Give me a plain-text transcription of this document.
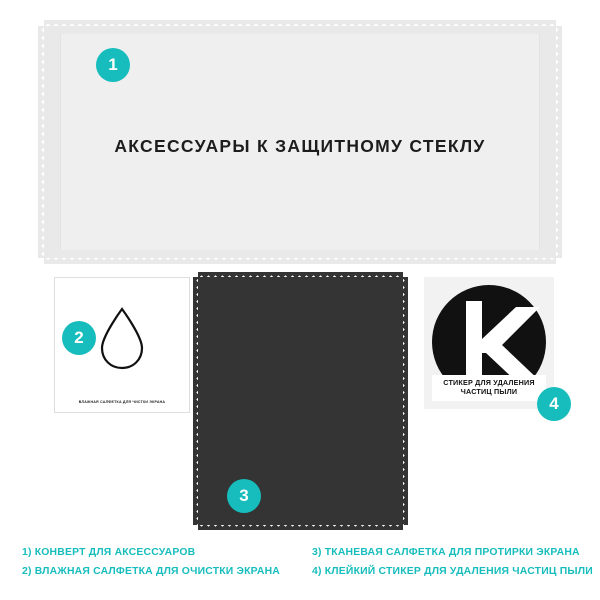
АКСЕССУАРЫ К ЗАЩИТНОМУ СТЕКЛУ
1
ВЛАЖНАЯ САЛФЕТКА ДЛЯ ЧИСТКИ ЭКРАНА
2
3
СТИКЕР ДЛЯ УДАЛЕНИЯ
ЧАСТИЦ ПЫЛИ
4
1) КОНВЕРТ ДЛЯ АКСЕССУАРОВ
2) ВЛАЖНАЯ САЛФЕТКА ДЛЯ ОЧИСТКИ ЭКРАНА
3) ТКАНЕВАЯ САЛФЕТКА ДЛЯ ПРОТИРКИ ЭКРАНА
4) КЛЕЙКИЙ СТИКЕР ДЛЯ УДАЛЕНИЯ ЧАСТИЦ ПЫЛИ
